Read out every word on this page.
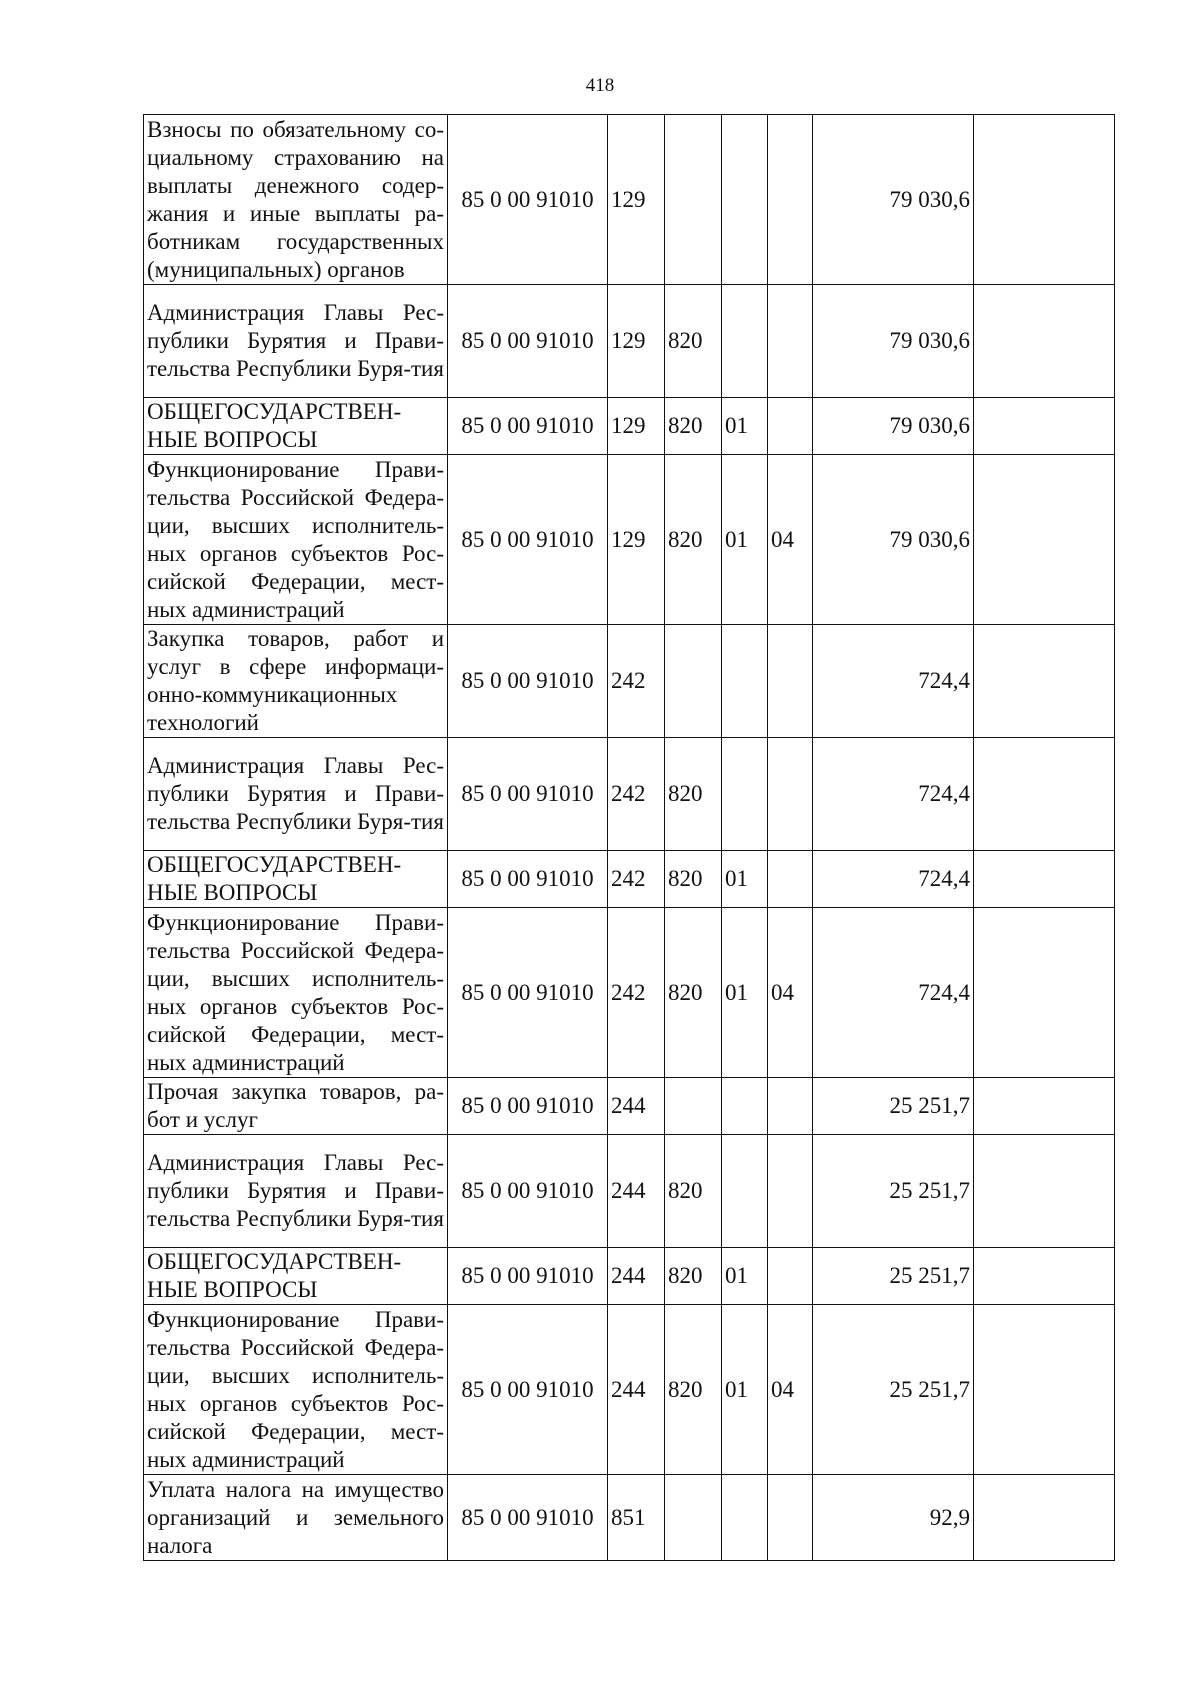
418
Взносы по обязательному со-циальному страхованию на выплаты денежного содер-жания и иные выплаты ра-ботникам государственных (муниципальных) органов	85 0 00 91010	129				79 030,6	
Администрация Главы Рес-публики Бурятия и Прави-тельства Республики Буря-тия	85 0 00 91010	129	820			79 030,6	
ОБЩЕГОСУДАРСТВЕН-НЫЕ ВОПРОСЫ	85 0 00 91010	129	820	01		79 030,6	
Функционирование Прави-тельства Российской Федера-ции, высших исполнитель-ных органов субъектов Рос-сийской Федерации, мест-ных администраций	85 0 00 91010	129	820	01	04	79 030,6	
Закупка товаров, работ и услуг в сфере информаци-онно-коммуникационных технологий	85 0 00 91010	242				724,4	
Администрация Главы Рес-публики Бурятия и Прави-тельства Республики Буря-тия	85 0 00 91010	242	820			724,4	
ОБЩЕГОСУДАРСТВЕН-НЫЕ ВОПРОСЫ	85 0 00 91010	242	820	01		724,4	
Функционирование Прави-тельства Российской Федера-ции, высших исполнитель-ных органов субъектов Рос-сийской Федерации, мест-ных администраций	85 0 00 91010	242	820	01	04	724,4	
Прочая закупка товаров, ра-бот и услуг	85 0 00 91010	244				25 251,7	
Администрация Главы Рес-публики Бурятия и Прави-тельства Республики Буря-тия	85 0 00 91010	244	820			25 251,7	
ОБЩЕГОСУДАРСТВЕН-НЫЕ ВОПРОСЫ	85 0 00 91010	244	820	01		25 251,7	
Функционирование Прави-тельства Российской Федера-ции, высших исполнитель-ных органов субъектов Рос-сийской Федерации, мест-ных администраций	85 0 00 91010	244	820	01	04	25 251,7	
Уплата налога на имущество организаций и земельного налога	85 0 00 91010	851				92,9	
